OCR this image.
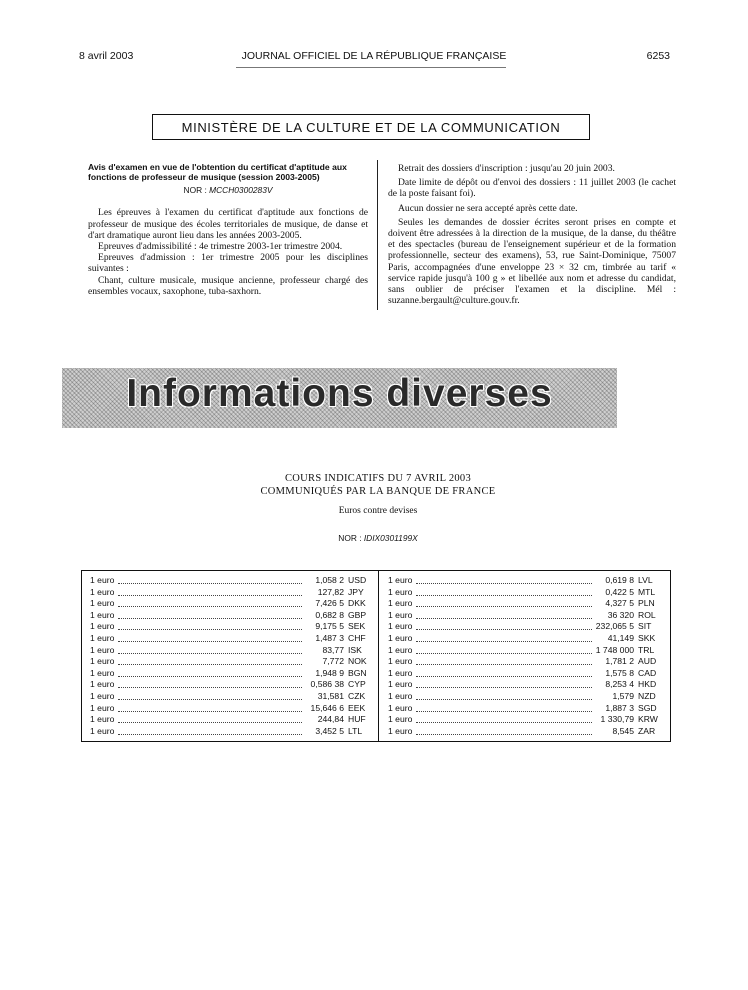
8 avril 2003	JOURNAL OFFICIEL DE LA RÉPUBLIQUE FRANÇAISE	6253
MINISTÈRE DE LA CULTURE ET DE LA COMMUNICATION

Avis d'examen en vue de l'obtention du certificat d'aptitude aux fonctions de professeur de musique (session 2003-2005)

NOR : MCCH0300283V

Les épreuves à l'examen du certificat d'aptitude aux fonctions de professeur de musique des écoles territoriales de musique, de danse et d'art dramatique auront lieu dans les années 2003-2005.

Epreuves d'admissibilité : 4e trimestre 2003-1er trimestre 2004.

Epreuves d'admission : 1er trimestre 2005 pour les disciplines suivantes :

Chant, culture musicale, musique ancienne, professeur chargé des ensembles vocaux, saxophone, tuba-saxhorn.

Retrait des dossiers d'inscription : jusqu'au 20 juin 2003.

Date limite de dépôt ou d'envoi des dossiers : 11 juillet 2003 (le cachet de la poste faisant foi).

Aucun dossier ne sera accepté après cette date.

Seules les demandes de dossier écrites seront prises en compte et doivent être adressées à la direction de la musique, de la danse, du théâtre et des spectacles (bureau de l'enseignement supérieur et de la formation professionnelle, secteur des examens), 53, rue Saint-Dominique, 75007 Paris, accompagnées d'une enveloppe 23 × 32 cm, timbrée au tarif « service rapide jusqu'à 100 g » et libellée aux nom et adresse du candidat, sans oublier de préciser l'examen et la discipline. Mél : suzanne.bergault@culture.gouv.fr.

Informations diverses
COURS INDICATIFS DU 7 AVRIL 2003
COMMUNIQUÉS PAR LA BANQUE DE FRANCE
Euros contre devises
NOR : IDIX0301199X
1 euro	1,058 2 USD
1 euro	127,82 JPY
1 euro	7,426 5 DKK
1 euro	0,682 8 GBP
1 euro	9,175 5 SEK
1 euro	1,487 3 CHF
1 euro	83,77 ISK
1 euro	7,772 NOK
1 euro	1,948 9 BGN
1 euro	0,586 38 CYP
1 euro	31,581 CZK
1 euro	15,646 6 EEK
1 euro	244,84 HUF
1 euro	3,452 5 LTL
1 euro	0,619 8 LVL
1 euro	0,422 5 MTL
1 euro	4,327 5 PLN
1 euro	36 320 ROL
1 euro	232,065 5 SIT
1 euro	41,149 SKK
1 euro	1 748 000 TRL
1 euro	1,781 2 AUD
1 euro	1,575 8 CAD
1 euro	8,253 4 HKD
1 euro	1,579 NZD
1 euro	1,887 3 SGD
1 euro	1 330,79 KRW
1 euro	8,545 ZAR
